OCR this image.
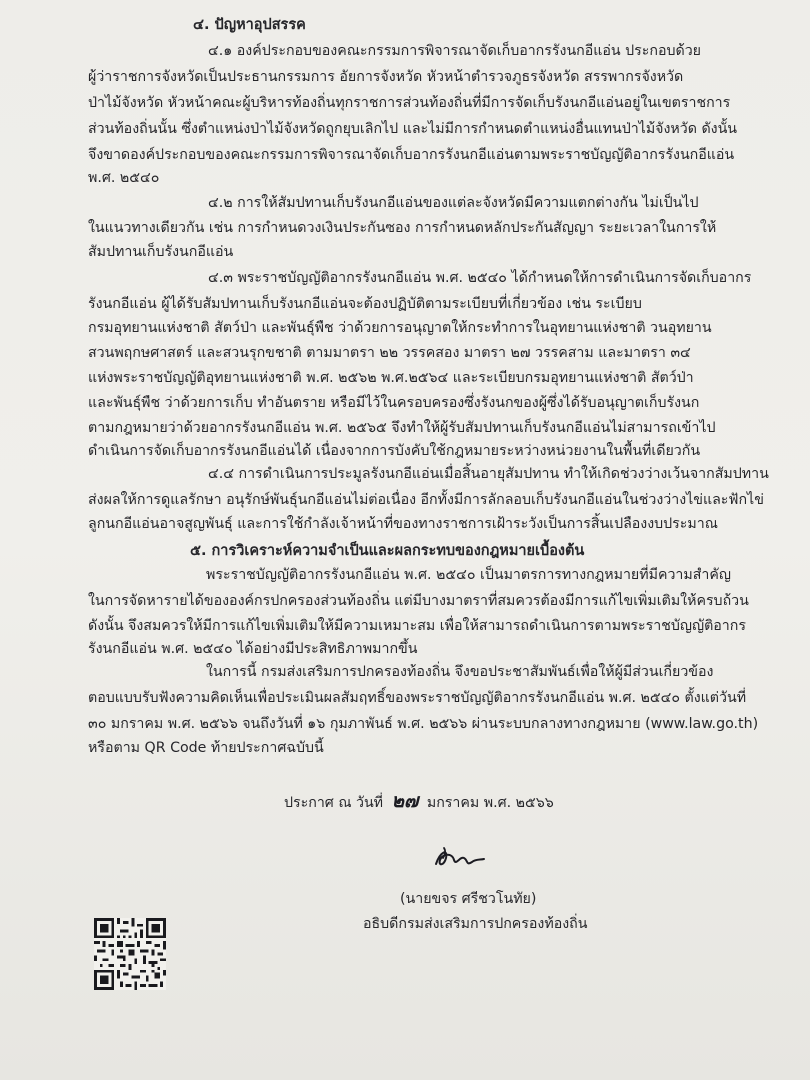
๔. ปัญหาอุปสรรค
๔.๑ องค์ประกอบของคณะกรรมการพิจารณาจัดเก็บอากรรังนกอีแอ่น ประกอบด้วย
ผู้ว่าราชการจังหวัดเป็นประธานกรรมการ อัยการจังหวัด หัวหน้าตำรวจภูธรจังหวัด สรรพากรจังหวัด
ป่าไม้จังหวัด หัวหน้าคณะผู้บริหารท้องถิ่นทุกราชการส่วนท้องถิ่นที่มีการจัดเก็บรังนกอีแอ่นอยู่ในเขตราชการ
ส่วนท้องถิ่นนั้น ซึ่งตำแหน่งป่าไม้จังหวัดถูกยุบเลิกไป และไม่มีการกำหนดตำแหน่งอื่นแทนป่าไม้จังหวัด ดังนั้น
จึงขาดองค์ประกอบของคณะกรรมการพิจารณาจัดเก็บอากรรังนกอีแอ่นตามพระราชบัญญัติอากรรังนกอีแอ่น
พ.ศ. ๒๕๔๐
๔.๒ การให้สัมปทานเก็บรังนกอีแอ่นของแต่ละจังหวัดมีความแตกต่างกัน ไม่เป็นไป
ในแนวทางเดียวกัน เช่น การกำหนดวงเงินประกันซอง การกำหนดหลักประกันสัญญา ระยะเวลาในการให้
สัมปทานเก็บรังนกอีแอ่น
๔.๓ พระราชบัญญัติอากรรังนกอีแอ่น พ.ศ. ๒๕๔๐ ได้กำหนดให้การดำเนินการจัดเก็บอากร
รังนกอีแอ่น ผู้ได้รับสัมปทานเก็บรังนกอีแอ่นจะต้องปฏิบัติตามระเบียบที่เกี่ยวข้อง เช่น ระเบียบ
กรมอุทยานแห่งชาติ สัตว์ป่า และพันธุ์พืช ว่าด้วยการอนุญาตให้กระทำการในอุทยานแห่งชาติ วนอุทยาน
สวนพฤกษศาสตร์ และสวนรุกขชาติ ตามมาตรา ๒๒ วรรคสอง มาตรา ๒๗ วรรคสาม และมาตรา ๓๔
แห่งพระราชบัญญัติอุทยานแห่งชาติ พ.ศ. ๒๕๖๒ พ.ศ.๒๕๖๔ และระเบียบกรมอุทยานแห่งชาติ สัตว์ป่า
และพันธุ์พืช ว่าด้วยการเก็บ ทำอันตราย หรือมีไว้ในครอบครองซึ่งรังนกของผู้ซึ่งได้รับอนุญาตเก็บรังนก
ตามกฎหมายว่าด้วยอากรรังนกอีแอ่น พ.ศ. ๒๕๖๕ จึงทำให้ผู้รับสัมปทานเก็บรังนกอีแอ่นไม่สามารถเข้าไป
ดำเนินการจัดเก็บอากรรังนกอีแอ่นได้ เนื่องจากการบังคับใช้กฎหมายระหว่างหน่วยงานในพื้นที่เดียวกัน
๔.๔ การดำเนินการประมูลรังนกอีแอ่นเมื่อสิ้นอายุสัมปทาน ทำให้เกิดช่วงว่างเว้นจากสัมปทาน
ส่งผลให้การดูแลรักษา อนุรักษ์พันธุ์นกอีแอ่นไม่ต่อเนื่อง อีกทั้งมีการลักลอบเก็บรังนกอีแอ่นในช่วงว่างไข่และฟักไข่
ลูกนกอีแอ่นอาจสูญพันธุ์ และการใช้กำลังเจ้าหน้าที่ของทางราชการเฝ้าระวังเป็นการสิ้นเปลืองงบประมาณ
๕. การวิเคราะห์ความจำเป็นและผลกระทบของกฎหมายเบื้องต้น
พระราชบัญญัติอากรรังนกอีแอ่น พ.ศ. ๒๕๔๐ เป็นมาตรการทางกฎหมายที่มีความสำคัญ
ในการจัดหารายได้ขององค์กรปกครองส่วนท้องถิ่น แต่มีบางมาตราที่สมควรต้องมีการแก้ไขเพิ่มเติมให้ครบถ้วน
ดังนั้น จึงสมควรให้มีการแก้ไขเพิ่มเติมให้มีความเหมาะสม เพื่อให้สามารถดำเนินการตามพระราชบัญญัติอากร
รังนกอีแอ่น พ.ศ. ๒๕๔๐ ได้อย่างมีประสิทธิภาพมากขึ้น
ในการนี้ กรมส่งเสริมการปกครองท้องถิ่น จึงขอประชาสัมพันธ์เพื่อให้ผู้มีส่วนเกี่ยวข้อง
ตอบแบบรับฟังความคิดเห็นเพื่อประเมินผลสัมฤทธิ์ของพระราชบัญญัติอากรรังนกอีแอ่น พ.ศ. ๒๕๔๐ ตั้งแต่วันที่
๓๐ มกราคม พ.ศ. ๒๕๖๖ จนถึงวันที่ ๑๖ กุมภาพันธ์ พ.ศ. ๒๕๖๖ ผ่านระบบกลางทางกฎหมาย (www.law.go.th)
หรือตาม QR Code ท้ายประกาศฉบับนี้
ประกาศ ณ วันที่ ๒๗ มกราคม พ.ศ. ๒๕๖๖
(นายขจร ศรีชวโนทัย)
อธิบดีกรมส่งเสริมการปกครองท้องถิ่น
